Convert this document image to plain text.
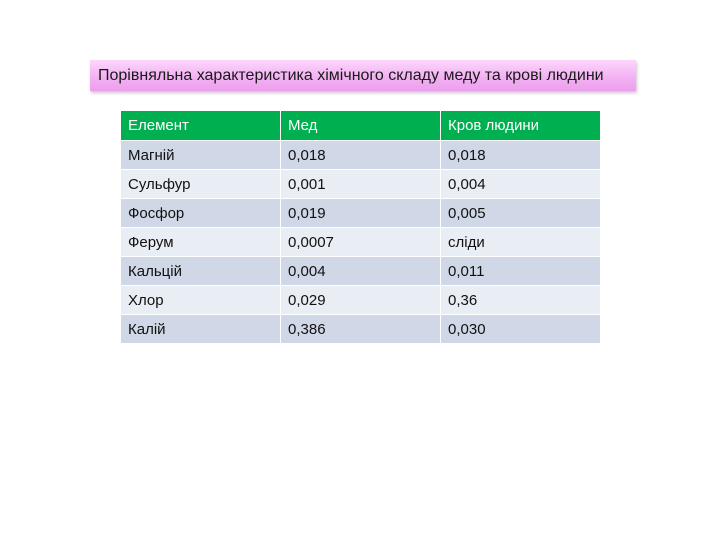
Порівняльна характеристика хімічного складу меду та крові людини
Елемент	Мед	Кров людини
Магній	0,018	0,018
Сульфур	0,001	0,004
Фосфор	0,019	0,005
Ферум	0,0007	сліди
Кальцій	0,004	0,011
Хлор	0,029	0,36
Калій	0,386	0,030
